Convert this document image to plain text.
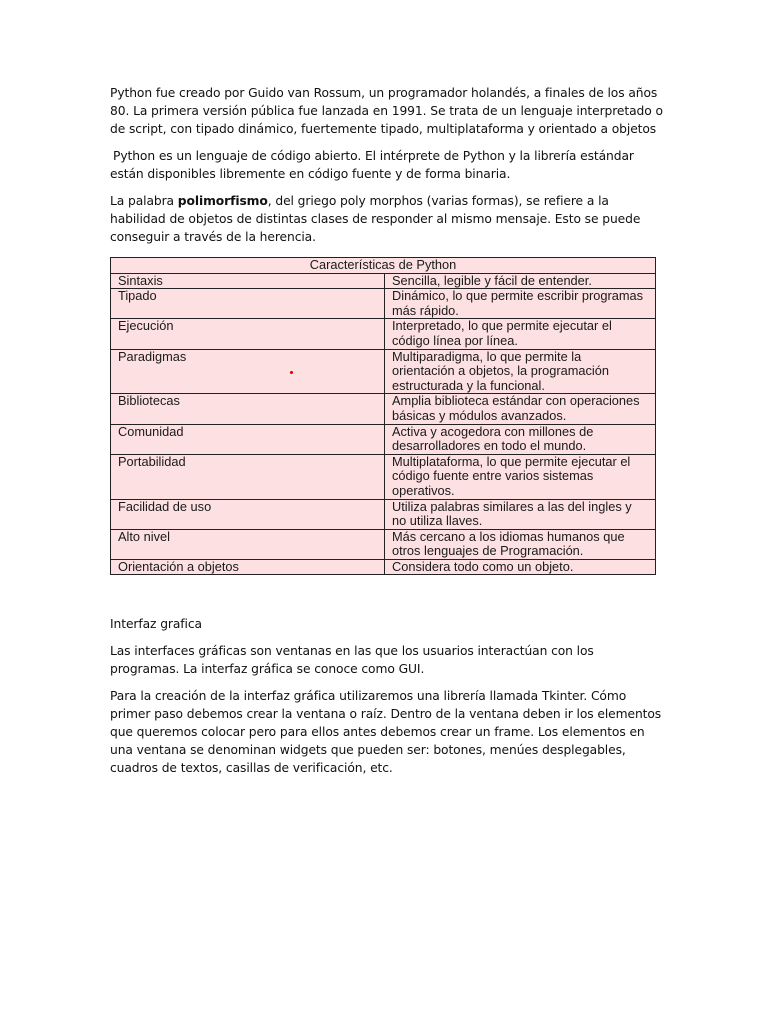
Python fue creado por Guido van Rossum, un programador holandés, a finales de los años 80. La primera versión pública fue lanzada en 1991. Se trata de un lenguaje interpretado o de script, con tipado dinámico, fuertemente tipado, multiplataforma y orientado a objetos

Python es un lenguaje de código abierto. El intérprete de Python y la librería estándar están disponibles libremente en código fuente y de forma binaria.

La palabra polimorfismo, del griego poly morphos (varias formas), se refiere a la habilidad de objetos de distintas clases de responder al mismo mensaje. Esto se puede conseguir a través de la herencia.

Características de Python	
Sintaxis	Sencilla, legible y fácil de entender.
Tipado	Dinámico, lo que permite escribir programas más rápido.
Ejecución	Interpretado, lo que permite ejecutar el código línea por línea.
Paradigmas	Multiparadigma, lo que permite la orientación a objetos, la programación estructurada y la funcional.
Bibliotecas	Amplia biblioteca estándar con operaciones básicas y módulos avanzados.
Comunidad	Activa y acogedora con millones de desarrolladores en todo el mundo.
Portabilidad	Multiplataforma, lo que permite ejecutar el código fuente entre varios sistemas operativos.
Facilidad de uso	Utiliza palabras similares a las del ingles y no utiliza llaves.
Alto nivel	Más cercano a los idiomas humanos que otros lenguajes de Programación.
Orientación a objetos	Considera todo como un objeto.

Interfaz grafica

Las interfaces gráficas son ventanas en las que los usuarios interactúan con los programas. La interfaz gráfica se conoce como GUI.

Para la creación de la interfaz gráfica utilizaremos una librería llamada Tkinter. Cómo primer paso debemos crear la ventana o raíz. Dentro de la ventana deben ir los elementos que queremos colocar pero para ellos antes debemos crear un frame. Los elementos en una ventana se denominan widgets que pueden ser: botones, menúes desplegables, cuadros de textos, casillas de verificación, etc.
